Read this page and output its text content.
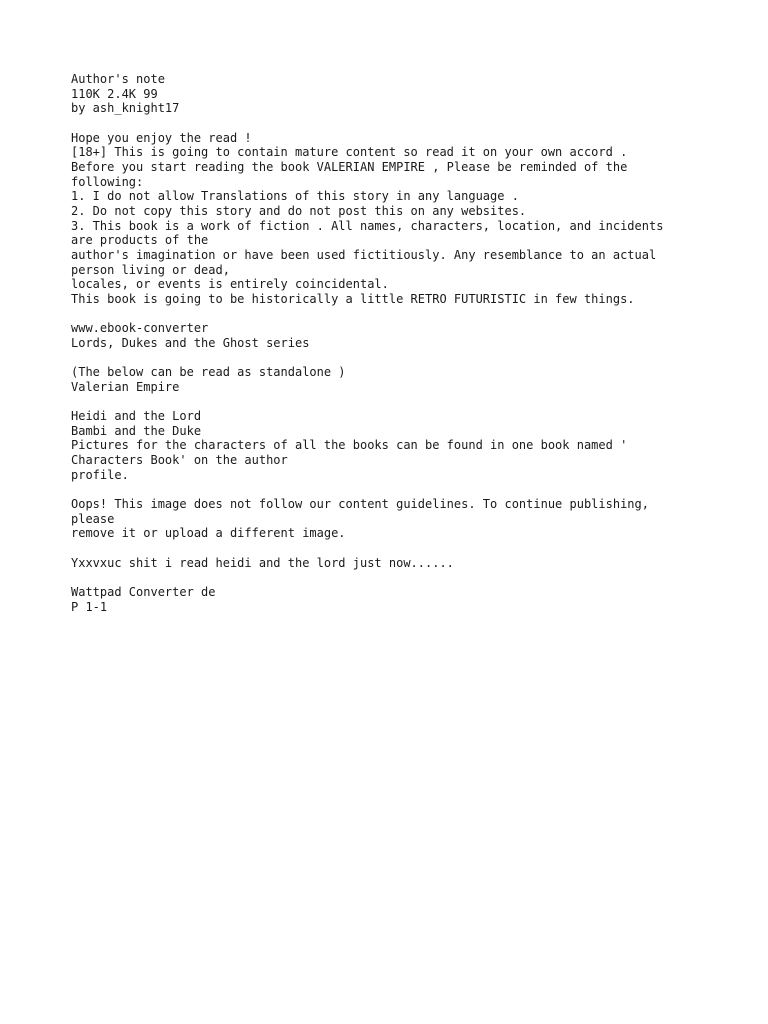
Author's note
110K 2.4K 99
by ash_knight17
Hope you enjoy the read !
[18+] This is going to contain mature content so read it on your own accord .
Before you start reading the book VALERIAN EMPIRE , Please be reminded of the
following:
1. I do not allow Translations of this story in any language .
2. Do not copy this story and do not post this on any websites.
3. This book is a work of fiction . All names, characters, location, and incidents
are products of the
author's imagination or have been used fictitiously. Any resemblance to an actual
person living or dead,
locales, or events is entirely coincidental.
This book is going to be historically a little RETRO FUTURISTIC in few things.
www.ebook-converter
Lords, Dukes and the Ghost series
(The below can be read as standalone )
Valerian Empire
Heidi and the Lord
Bambi and the Duke
Pictures for the characters of all the books can be found in one book named '
Characters Book' on the author
profile.
Oops! This image does not follow our content guidelines. To continue publishing,
please
remove it or upload a different image.
Yxxvxuc shit i read heidi and the lord just now......
Wattpad Converter de
P 1-1
